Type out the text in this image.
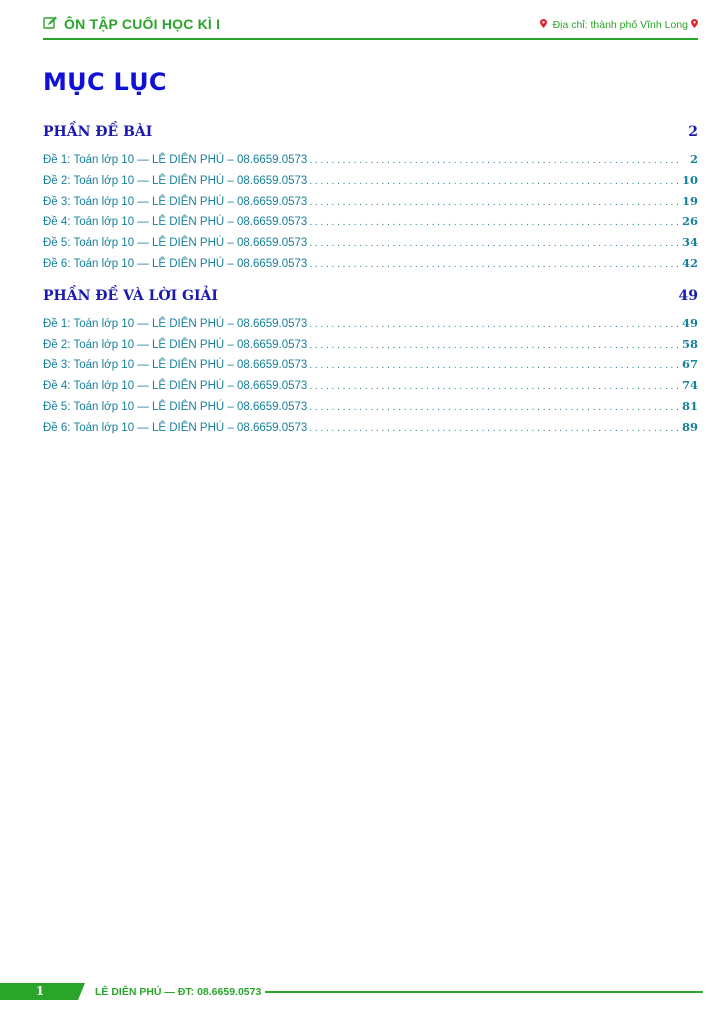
ÔN TẬP CUỐI HỌC KÌ I	Địa chỉ: thành phố Vĩnh Long
MỤC LỤC
PHẦN ĐỀ BÀI	2
Đề 1: Toán lớp 10 — LÊ DIÊN PHÚ – 08.6659.0573 . . .	2
Đề 2: Toán lớp 10 — LÊ DIÊN PHÚ – 08.6659.0573 . . .	10
Đề 3: Toán lớp 10 — LÊ DIÊN PHÚ – 08.6659.0573 . . .	19
Đề 4: Toán lớp 10 — LÊ DIÊN PHÚ – 08.6659.0573 . . .	26
Đề 5: Toán lớp 10 — LÊ DIÊN PHÚ – 08.6659.0573 . . .	34
Đề 6: Toán lớp 10 — LÊ DIÊN PHÚ – 08.6659.0573 . . .	42
PHẦN ĐỀ VÀ LỜI GIẢI	49
Đề 1: Toán lớp 10 — LÊ DIÊN PHÚ – 08.6659.0573 . . .	49
Đề 2: Toán lớp 10 — LÊ DIÊN PHÚ – 08.6659.0573 . . .	58
Đề 3: Toán lớp 10 — LÊ DIÊN PHÚ – 08.6659.0573 . . .	67
Đề 4: Toán lớp 10 — LÊ DIÊN PHÚ – 08.6659.0573 . . .	74
Đề 5: Toán lớp 10 — LÊ DIÊN PHÚ – 08.6659.0573 . . .	81
Đề 6: Toán lớp 10 — LÊ DIÊN PHÚ – 08.6659.0573 . . .	89
1	LÊ DIÊN PHÚ — ĐT: 08.6659.0573
